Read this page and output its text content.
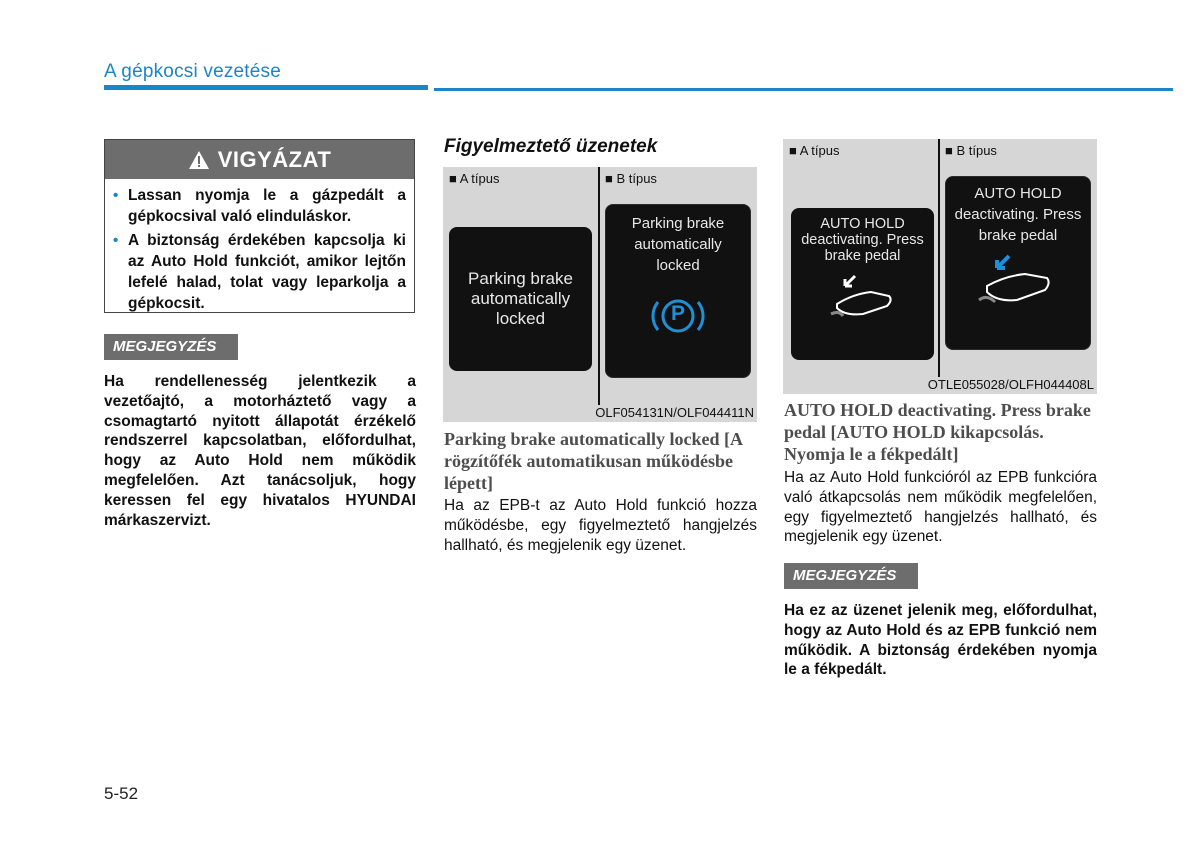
A gépkocsi vezetése
VIGYÁZAT
• Lassan nyomja le a gázpedált a gépkocsival való elinduláskor.
• A biztonság érdekében kapcsolja ki az Auto Hold funkciót, amikor lejtőn lefelé halad, tolat vagy leparkolja a gépkocsit.
MEGJEGYZÉS
Ha rendellenesség jelentkezik a vezetőajtó, a motorháztető vagy a csomagtartó nyitott állapotát érzékelő rendszerrel kapcsolatban, előfordulhat, hogy az Auto Hold nem működik megfelelően. Azt tanácsoljuk, hogy keressen fel egy hivatalos HYUNDAI márkaszervizt.
Figyelmeztető üzenetek
■ A típus	■ B típus
Parking brake automatically locked
Parking brake automatically locked
P
OLF054131N/OLF044411N
Parking brake automatically locked [A rögzítőfék automatikusan működésbe lépett]
Ha az EPB-t az Auto Hold funkció hozza működésbe, egy figyelmeztető hangjelzés hallható, és megjelenik egy üzenet.
■ A típus	■ B típus
AUTO HOLD deactivating. Press brake pedal
AUTO HOLD deactivating. Press brake pedal
OTLE055028/OLFH044408L
AUTO HOLD deactivating. Press brake pedal [AUTO HOLD kikapcsolás. Nyomja le a fékpedált]
Ha az Auto Hold funkcióról az EPB funkcióra való átkapcsolás nem működik megfelelően, egy figyelmeztető hangjelzés hallható, és megjelenik egy üzenet.
MEGJEGYZÉS
Ha ez az üzenet jelenik meg, előfordulhat, hogy az Auto Hold és az EPB funkció nem működik. A biztonság érdekében nyomja le a fékpedált.
5-52
